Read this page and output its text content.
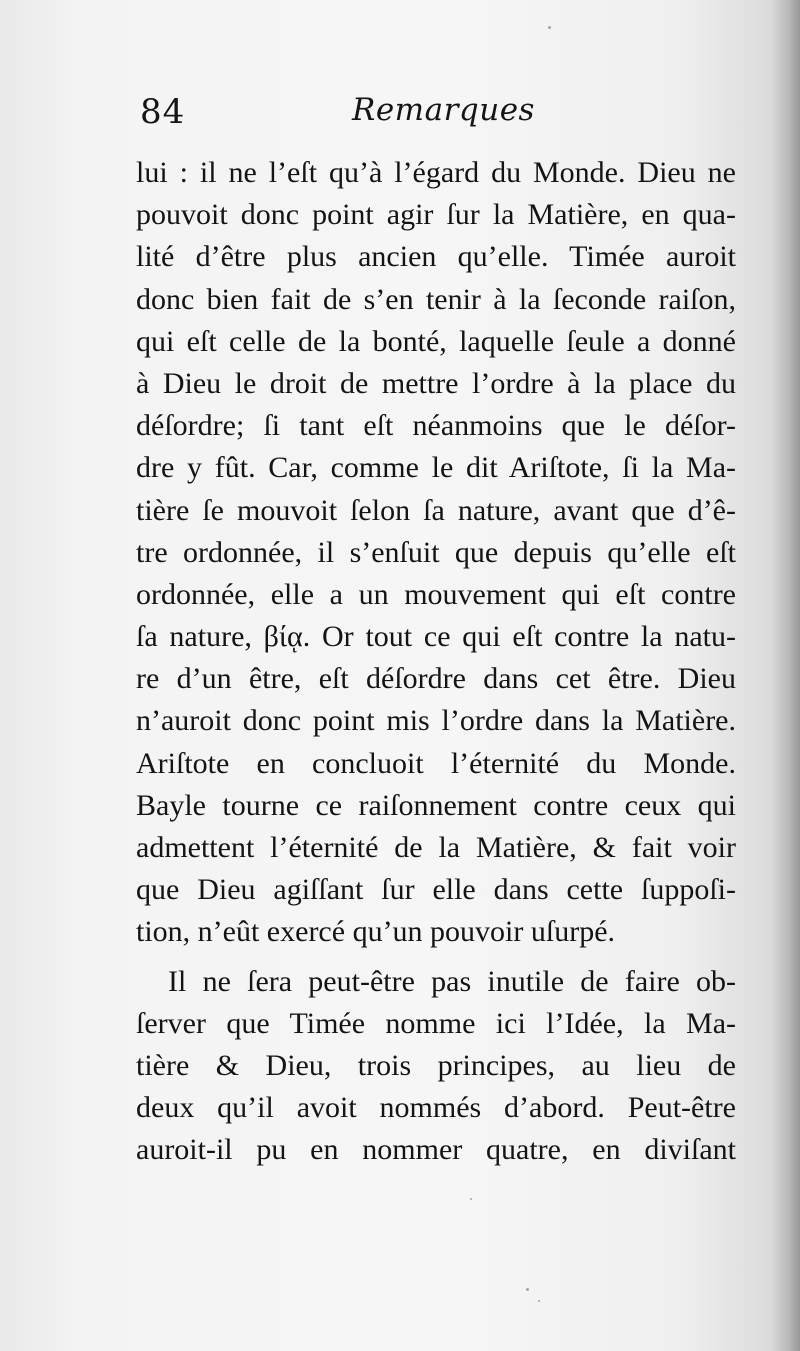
84	Remarques
lui : il ne l’eſt qu’à l’égard du Monde. Dieu ne
pouvoit donc point agir ſur la Matière, en qua-
lité d’être plus ancien qu’elle. Timée auroit
donc bien fait de s’en tenir à la ſeconde raiſon,
qui eſt celle de la bonté, laquelle ſeule a donné
à Dieu le droit de mettre l’ordre à la place du
déſordre; ſi tant eſt néanmoins que le déſor-
dre y fût. Car, comme le dit Ariſtote, ſi la Ma-
tière ſe mouvoit ſelon ſa nature, avant que d’ê-
tre ordonnée, il s’enſuit que depuis qu’elle eſt
ordonnée, elle a un mouvement qui eſt contre
ſa nature, βίᾳ. Or tout ce qui eſt contre la natu-
re d’un être, eſt déſordre dans cet être. Dieu
n’auroit donc point mis l’ordre dans la Matière.
Ariſtote en concluoit l’éternité du Monde.
Bayle tourne ce raiſonnement contre ceux qui
admettent l’éternité de la Matière, & fait voir
que Dieu agiſſant ſur elle dans cette ſuppoſi-
tion, n’eût exercé qu’un pouvoir uſurpé.
Il ne ſera peut-être pas inutile de faire ob-
ſerver que Timée nomme ici l’Idée, la Ma-
tière & Dieu, trois principes, au lieu de
deux qu’il avoit nommés d’abord. Peut-être
auroit-il pu en nommer quatre, en diviſant
